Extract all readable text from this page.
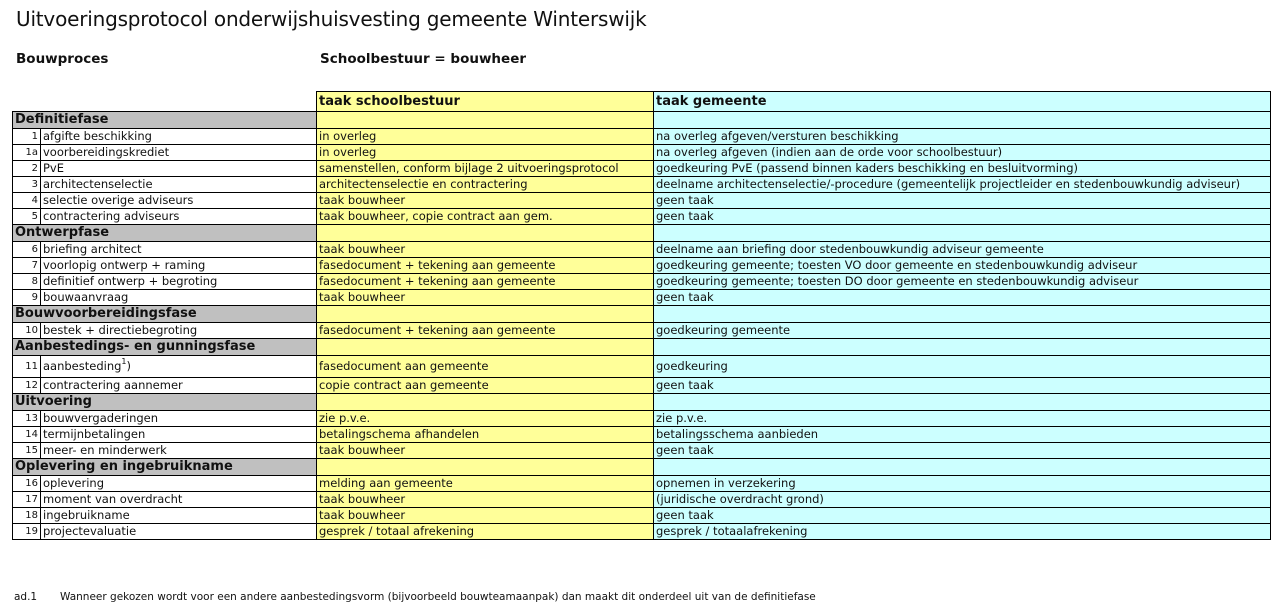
Uitvoeringsprotocol onderwijshuisvesting gemeente Winterswijk
Bouwproces	Schoolbestuur = bouwheer
		taak schoolbestuur	taak gemeente
Definitiefase			
1	afgifte beschikking	in overleg	na overleg afgeven/versturen beschikking
1a	voorbereidingskrediet	in overleg	na overleg afgeven (indien aan de orde voor schoolbestuur)
2	PvE	samenstellen, conform bijlage 2 uitvoeringsprotocol	goedkeuring PvE (passend binnen kaders beschikking en besluitvorming)
3	architectenselectie	architectenselectie en contractering	deelname architectenselectie/-procedure (gemeentelijk projectleider en stedenbouwkundig adviseur)
4	selectie overige adviseurs	taak bouwheer	geen taak
5	contractering adviseurs	taak bouwheer, copie contract aan gem.	geen taak
Ontwerpfase			
6	briefing architect	taak bouwheer	deelname aan briefing door stedenbouwkundig adviseur gemeente
7	voorlopig ontwerp + raming	fasedocument + tekening aan gemeente	goedkeuring gemeente; toesten VO door gemeente en stedenbouwkundig adviseur
8	definitief ontwerp + begroting	fasedocument + tekening aan gemeente	goedkeuring gemeente; toesten DO door gemeente en stedenbouwkundig adviseur
9	bouwaanvraag	taak bouwheer	geen taak
Bouwvoorbereidingsfase			
10	bestek + directiebegroting	fasedocument + tekening aan gemeente	goedkeuring gemeente
Aanbestedings- en gunningsfase			
11	aanbesteding$^1$)	fasedocument aan gemeente	goedkeuring
12	contractering aannemer	copie contract aan gemeente	geen taak
Uitvoering			
13	bouwvergaderingen	zie p.v.e.	zie p.v.e.
14	termijnbetalingen	betalingschema afhandelen	betalingsschema aanbieden
15	meer- en minderwerk	taak bouwheer	geen taak
Oplevering en ingebruikname			
16	oplevering	melding aan gemeente	opnemen in verzekering
17	moment van overdracht	taak bouwheer	(juridische overdracht grond)
18	ingebruikname	taak bouwheer	geen taak
19	projectevaluatie	gesprek / totaal afrekening	gesprek / totaalafrekening
ad.1 Wanneer gekozen wordt voor een andere aanbestedingsvorm (bijvoorbeeld bouwteamaanpak) dan maakt dit onderdeel uit van de definitiefase
